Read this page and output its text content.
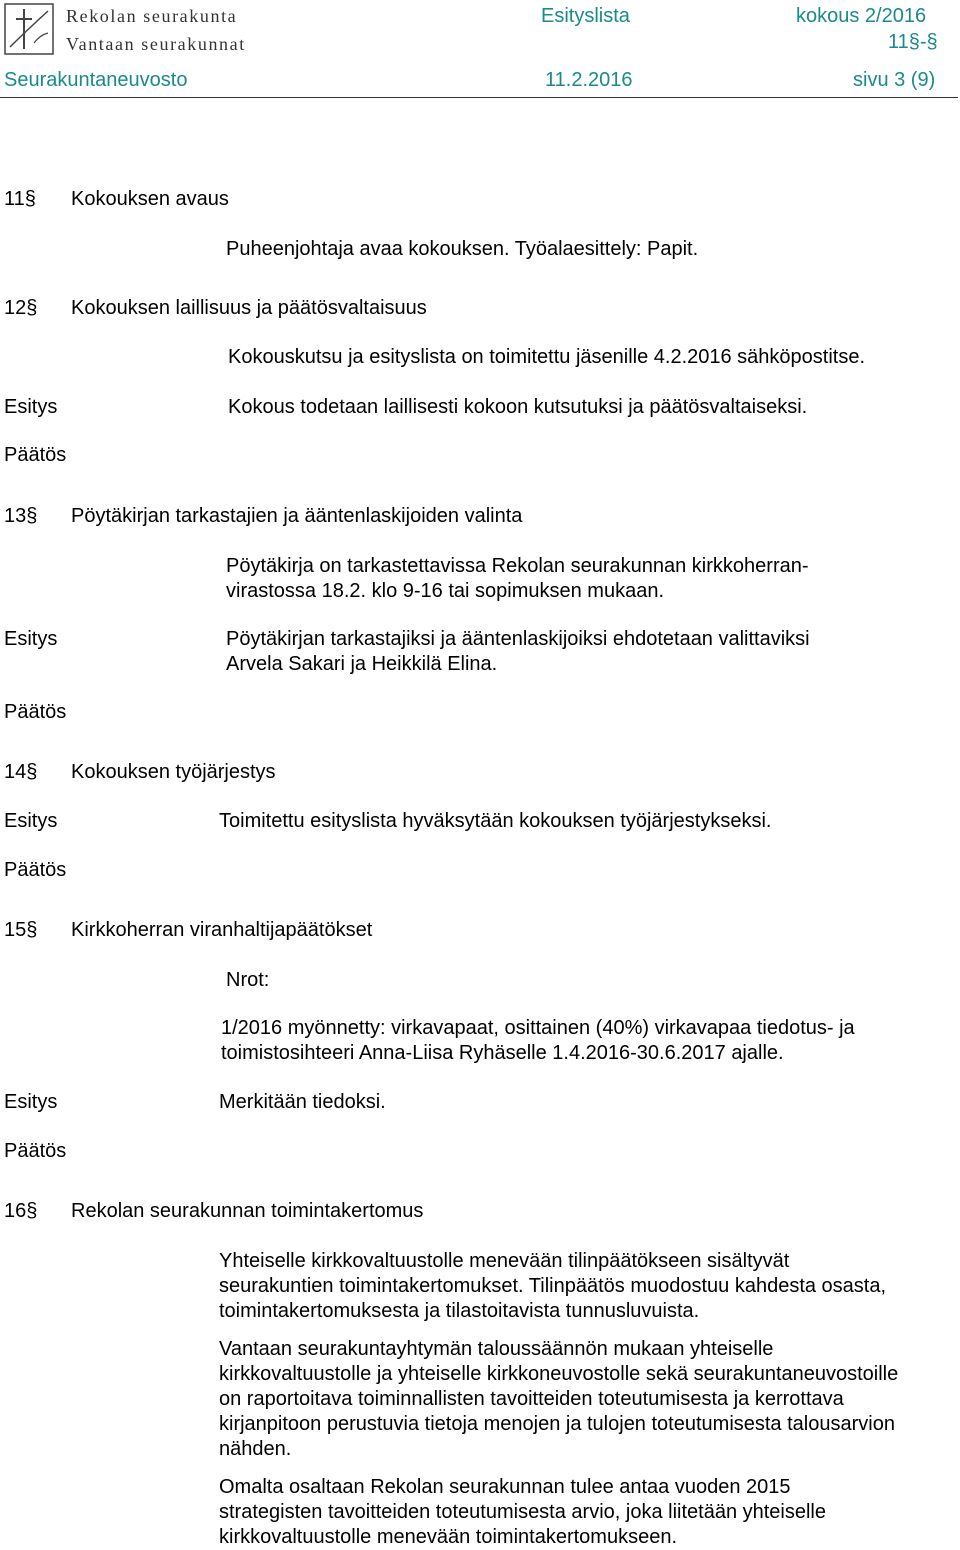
Rekolan seurakunta
Vantaan seurakunnat
Esityslista	kokous 2/2016
11§-§
Seurakuntaneuvosto	11.2.2016	sivu 3 (9)
11§ Kokouksen avaus
Puheenjohtaja avaa kokouksen. Työalaesittely: Papit.
12§ Kokouksen laillisuus ja päätösvaltaisuus
Kokouskutsu ja esityslista on toimitettu jäsenille 4.2.2016 sähköpostitse.
Esitys	Kokous todetaan laillisesti kokoon kutsutuksi ja päätösvaltaiseksi.
Päätös
13§ Pöytäkirjan tarkastajien ja ääntenlaskijoiden valinta
Pöytäkirja on tarkastettavissa Rekolan seurakunnan kirkkoherran-
virastossa 18.2. klo 9-16 tai sopimuksen mukaan.
Esitys	Pöytäkirjan tarkastajiksi ja ääntenlaskijoiksi ehdotetaan valittaviksi
Arvela Sakari ja Heikkilä Elina.
Päätös
14§ Kokouksen työjärjestys
Esitys	Toimitettu esityslista hyväksytään kokouksen työjärjestykseksi.
Päätös
15§ Kirkkoherran viranhaltijapäätökset
Nrot:
1/2016 myönnetty: virkavapaat, osittainen (40%) virkavapaa tiedotus- ja
toimistosihteeri Anna-Liisa Ryhäselle 1.4.2016-30.6.2017 ajalle.
Esitys	Merkitään tiedoksi.
Päätös
16§ Rekolan seurakunnan toimintakertomus

Yhteiselle kirkkovaltuustolle menevään tilinpäätökseen sisältyvät seurakuntien toimintakertomukset. Tilinpäätös muodostuu kahdesta osasta, toimintakertomuksesta ja tilastoitavista tunnusluvuista.

Vantaan seurakuntayhtymän taloussäännön mukaan yhteiselle kirkkovaltuustolle ja yhteiselle kirkkoneuvostolle sekä seurakuntaneuvostoille on raportoitava toiminnallisten tavoitteiden toteutumisesta ja kerrottava kirjanpitoon perustuvia tietoja menojen ja tulojen toteutumisesta talousarvion nähden.

Omalta osaltaan Rekolan seurakunnan tulee antaa vuoden 2015 strategisten tavoitteiden toteutumisesta arvio, joka liitetään yhteiselle kirkkovaltuustolle menevään toimintakertomukseen.
